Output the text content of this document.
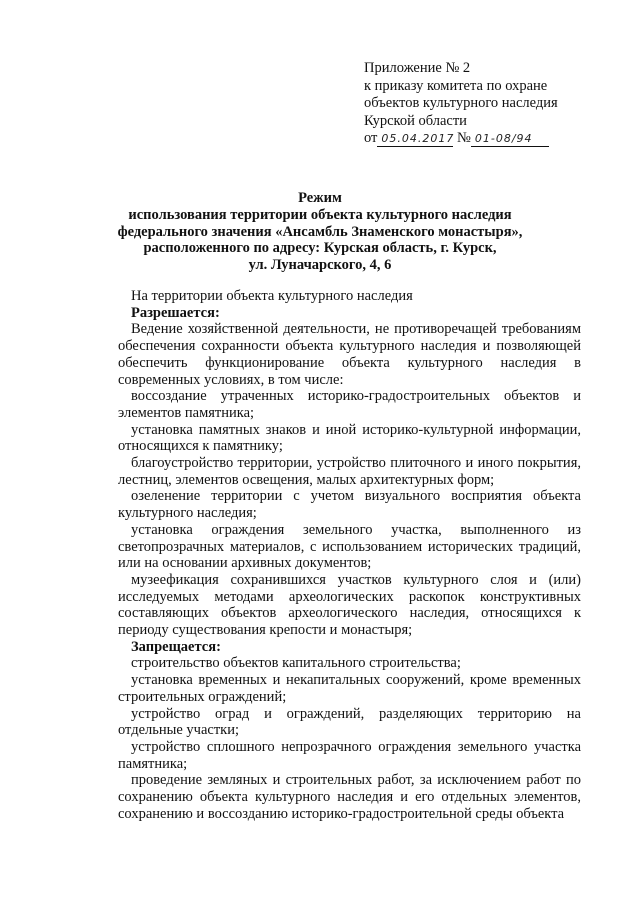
Приложение № 2
к приказу комитета по охране
объектов культурного наследия
Курской области
от 05.04.2017 № 01-08/94
Режим
использования территории объекта культурного наследия
федерального значения «Ансамбль Знаменского монастыря»,
расположенного по адресу: Курская область, г. Курск,
ул. Луначарского, 4, 6

На территории объекта культурного наследия

Разрешается:

Ведение хозяйственной деятельности, не противоречащей требованиям обеспечения сохранности объекта культурного наследия и позволяющей обеспечить функционирование объекта культурного наследия в современных условиях, в том числе:

воссоздание утраченных историко-градостроительных объектов и элементов памятника;

установка памятных знаков и иной историко-культурной информации, относящихся к памятнику;

благоустройство территории, устройство плиточного и иного покрытия, лестниц, элементов освещения, малых архитектурных форм;

озеленение территории с учетом визуального восприятия объекта культурного наследия;

установка ограждения земельного участка, выполненного из светопрозрачных материалов, с использованием исторических традиций, или на основании архивных документов;

музеефикация сохранившихся участков культурного слоя и (или) исследуемых методами археологических раскопок конструктивных составляющих объектов археологического наследия, относящихся к периоду существования крепости и монастыря;

Запрещается:

строительство объектов капитального строительства;

установка временных и некапитальных сооружений, кроме временных строительных ограждений;

устройство оград и ограждений, разделяющих территорию на отдельные участки;

устройство сплошного непрозрачного ограждения земельного участка памятника;

проведение земляных и строительных работ, за исключением работ по сохранению объекта культурного наследия и его отдельных элементов, сохранению и воссозданию историко-градостроительной среды объекта
